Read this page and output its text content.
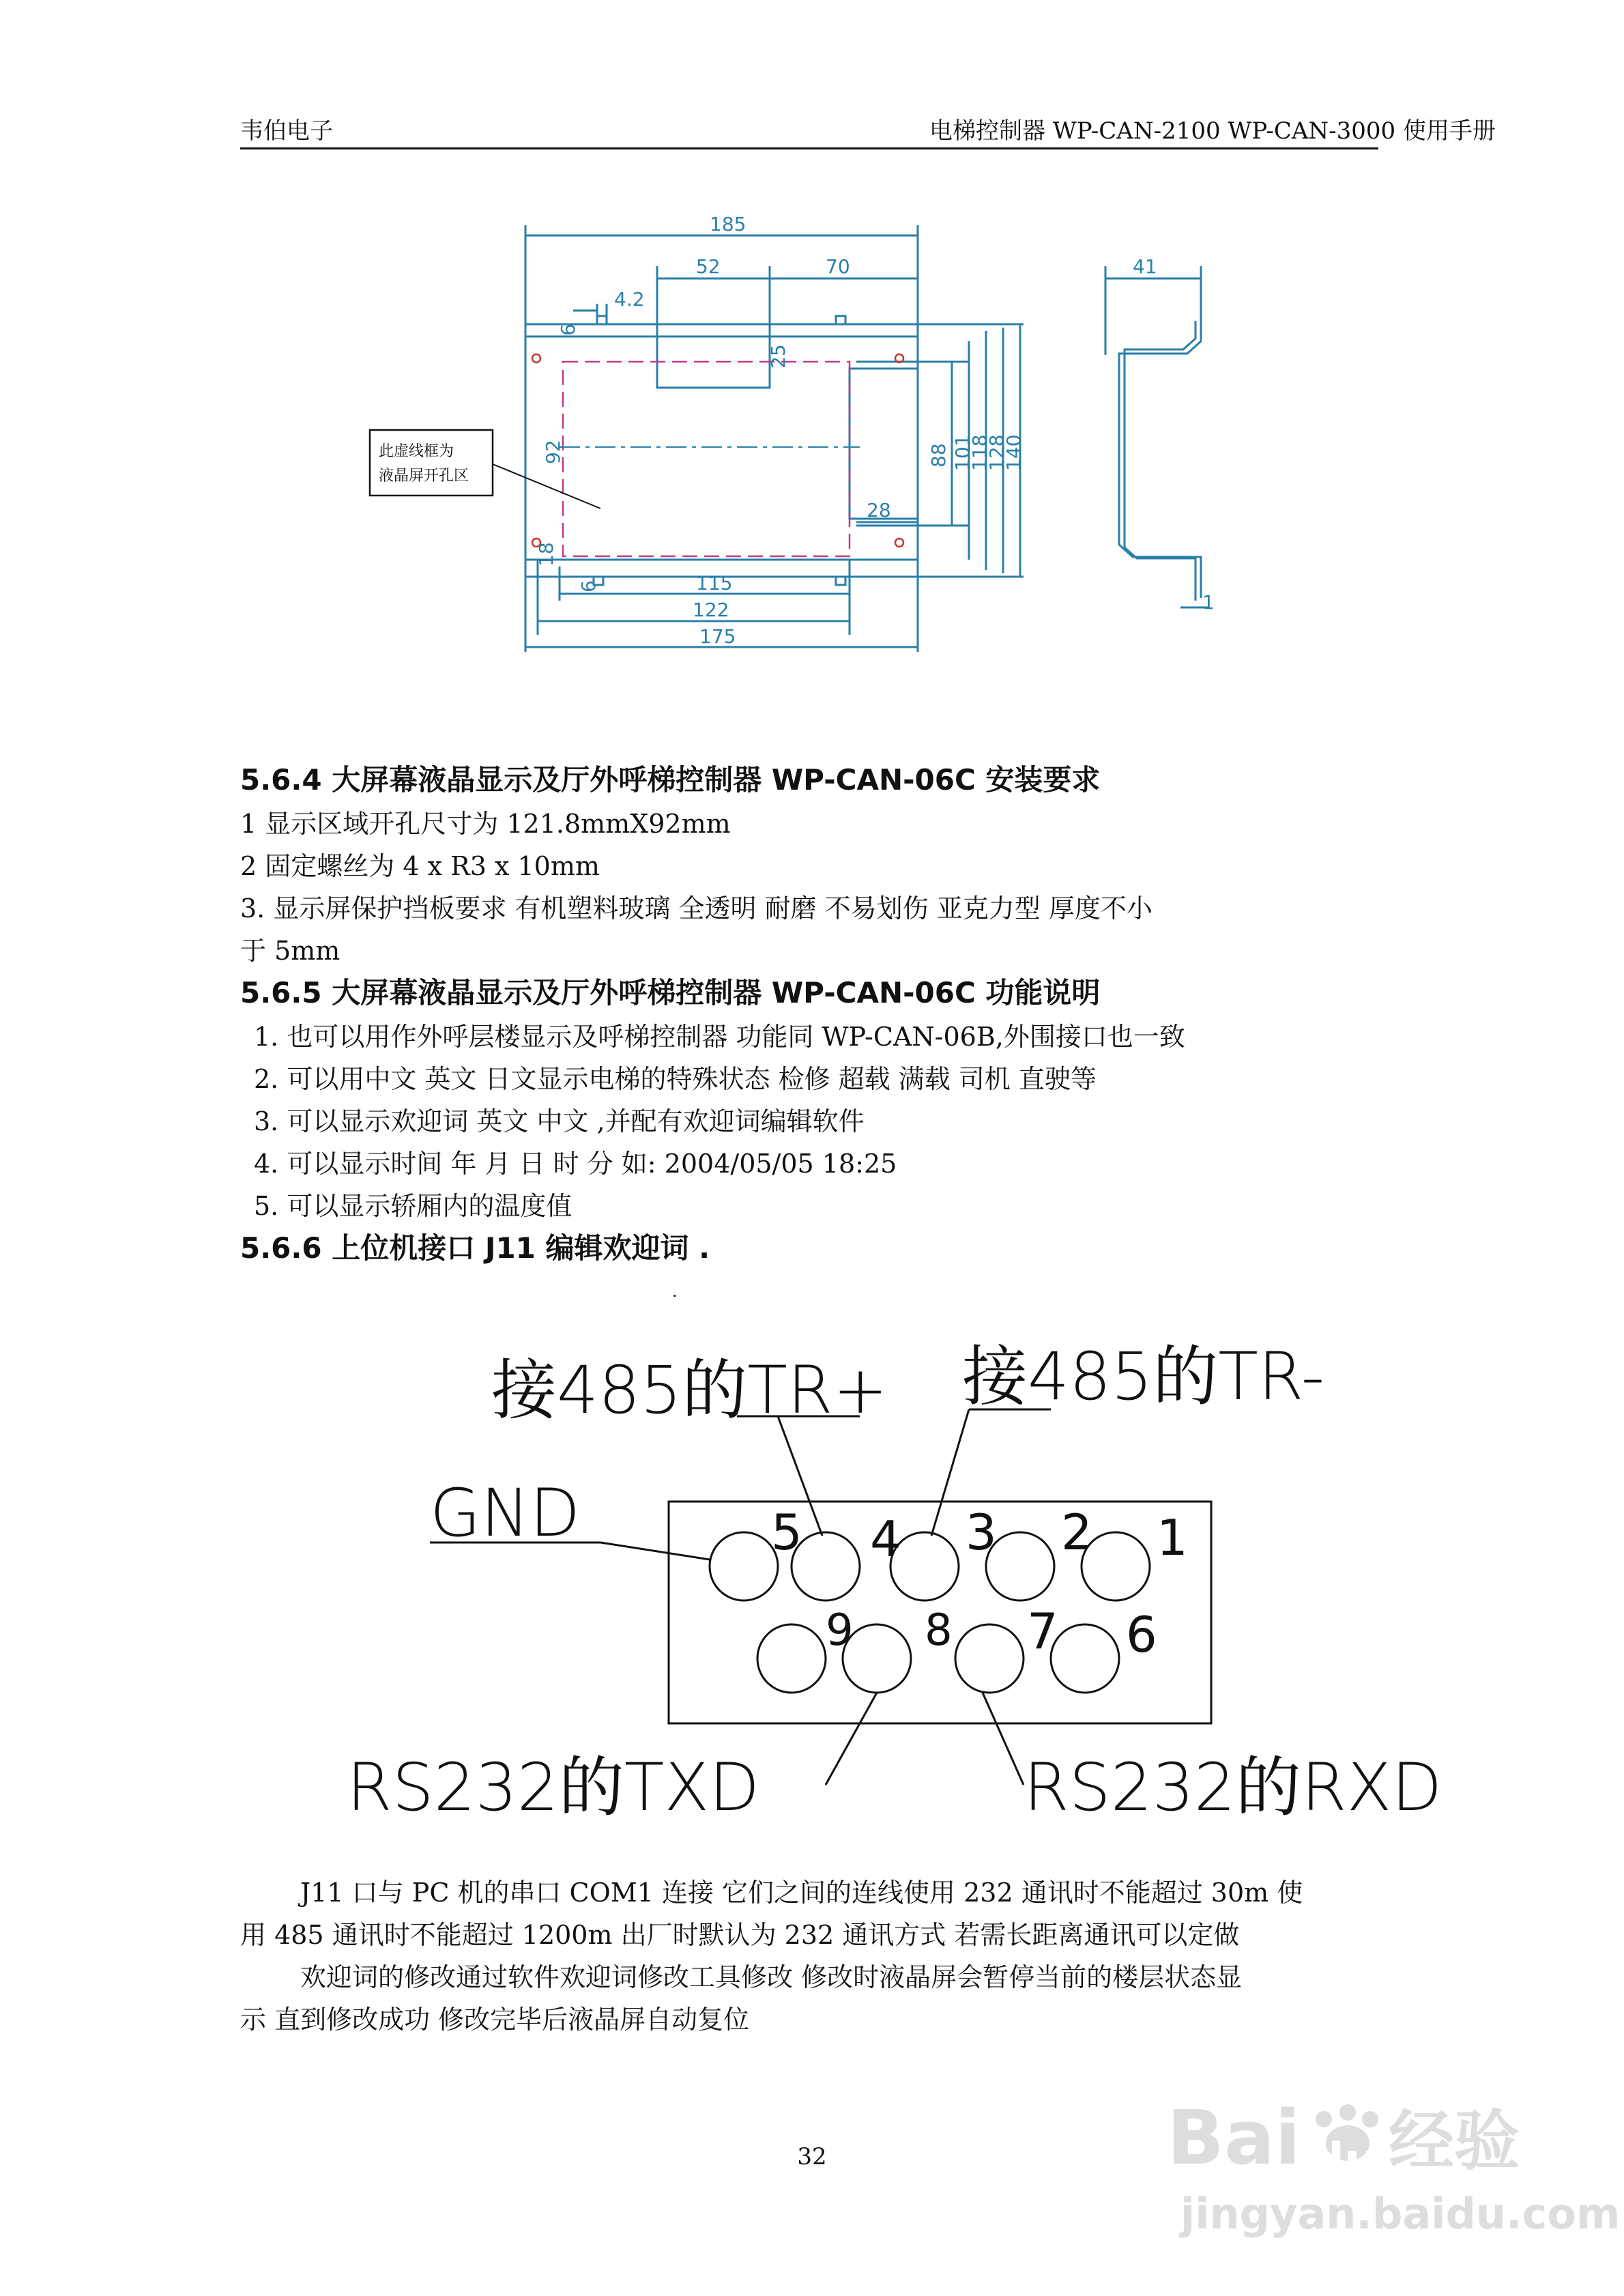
韦伯电子	电梯控制器 WP-CAN-2100 WP-CAN-3000 使用手册
185
52	70
4.2
6
25
92	88 101
118
128
140
28
18
6	115
122
175
41
1
此虚线框为
液晶屏开孔区
5.6.4 大屏幕液晶显示及厅外呼梯控制器 WP-CAN-06C 安装要求
1 显示区域开孔尺寸为 121.8mmX92mm
2 固定螺丝为 4 x R3 x 10mm
3. 显示屏保护挡板要求 有机塑料玻璃 全透明 耐磨 不易划伤 亚克力型 厚度不小
于 5mm
5.6.5 大屏幕液晶显示及厅外呼梯控制器 WP-CAN-06C 功能说明
1. 也可以用作外呼层楼显示及呼梯控制器 功能同 WP-CAN-06B,外围接口也一致
2. 可以用中文 英文 日文显示电梯的特殊状态 检修 超载 满载 司机 直驶等
3. 可以显示欢迎词 英文 中文 ,并配有欢迎词编辑软件
4. 可以显示时间 年 月 日 时 分 如: 2004/05/05 18:25
5. 可以显示轿厢内的温度值
5.6.6 上位机接口 J11 编辑欢迎词 .
.
接485的TR+ 接485的TR-
GND
RS232的TXD	RS232的RXD
5 4 3 2 1
9 8 7 6
J11 口与 PC 机的串口 COM1 连接 它们之间的连线使用 232 通讯时不能超过 30m 使
用 485 通讯时不能超过 1200m 出厂时默认为 232 通讯方式 若需长距离通讯可以定做
欢迎词的修改通过软件欢迎词修改工具修改 修改时液晶屏会暂停当前的楼层状态显
示 直到修改成功 修改完毕后液晶屏自动复位
32	Bai du 经验
jingyan.baidu.com
